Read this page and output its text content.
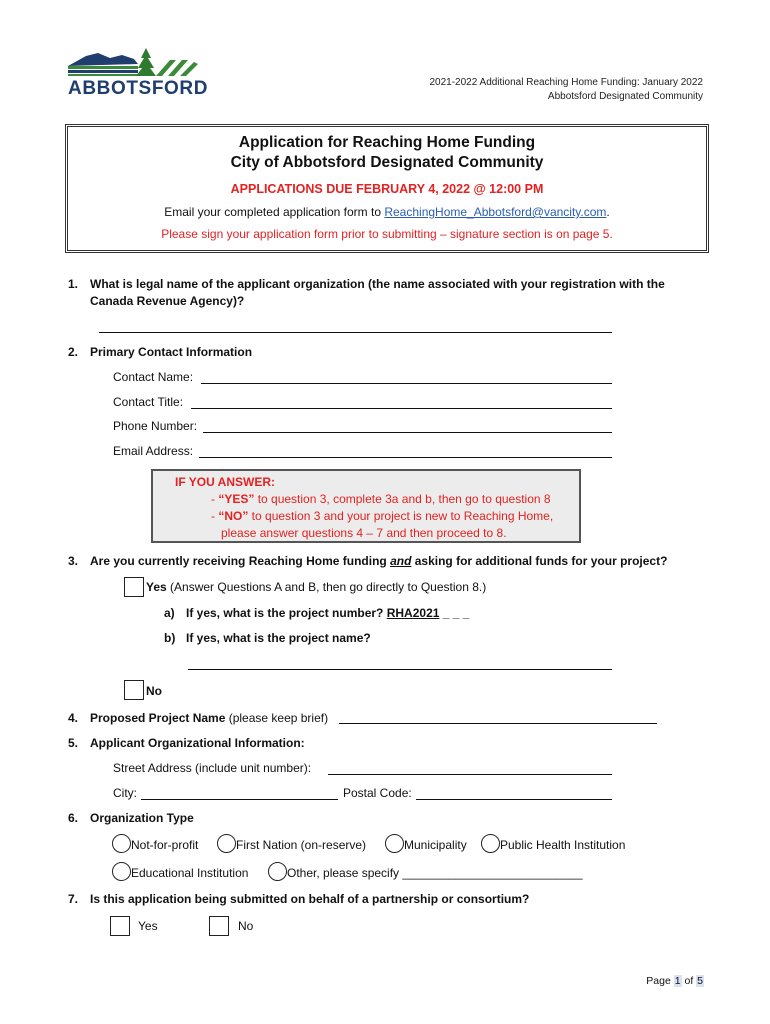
ABBOTSFORD	2021-2022 Additional Reaching Home Funding: January 2022
Abbotsford Designated Community
Application for Reaching Home Funding
City of Abbotsford Designated Community
APPLICATIONS DUE FEBRUARY 4, 2022 @ 12:00 PM
Email your completed application form to ReachingHome_Abbotsford@vancity.com.
Please sign your application form prior to submitting – signature section is on page 5.
1. What is legal name of the applicant organization (the name associated with your registration with the
Canada Revenue Agency)?
2. Primary Contact Information
Contact Name:
Contact Title:
Phone Number:
Email Address:
IF YOU ANSWER:
- “YES” to question 3, complete 3a and b, then go to question 8
- “NO” to question 3 and your project is new to Reaching Home,
please answer questions 4 – 7 and then proceed to 8.
3. Are you currently receiving Reaching Home funding and asking for additional funds for your project?
Yes (Answer Questions A and B, then go directly to Question 8.)
a) If yes, what is the project number? RHA2021 _ _ _
b) If yes, what is the project name?
No
4. Proposed Project Name (please keep brief)
5. Applicant Organizational Information:
Street Address (include unit number):
City:	Postal Code:
6. Organization Type
Not-for-profit	First Nation (on-reserve)	Municipality	Public Health Institution
Educational Institution	Other, please specify ___________________________
7. Is this application being submitted on behalf of a partnership or consortium?
Yes	No
Page 1 of 5
